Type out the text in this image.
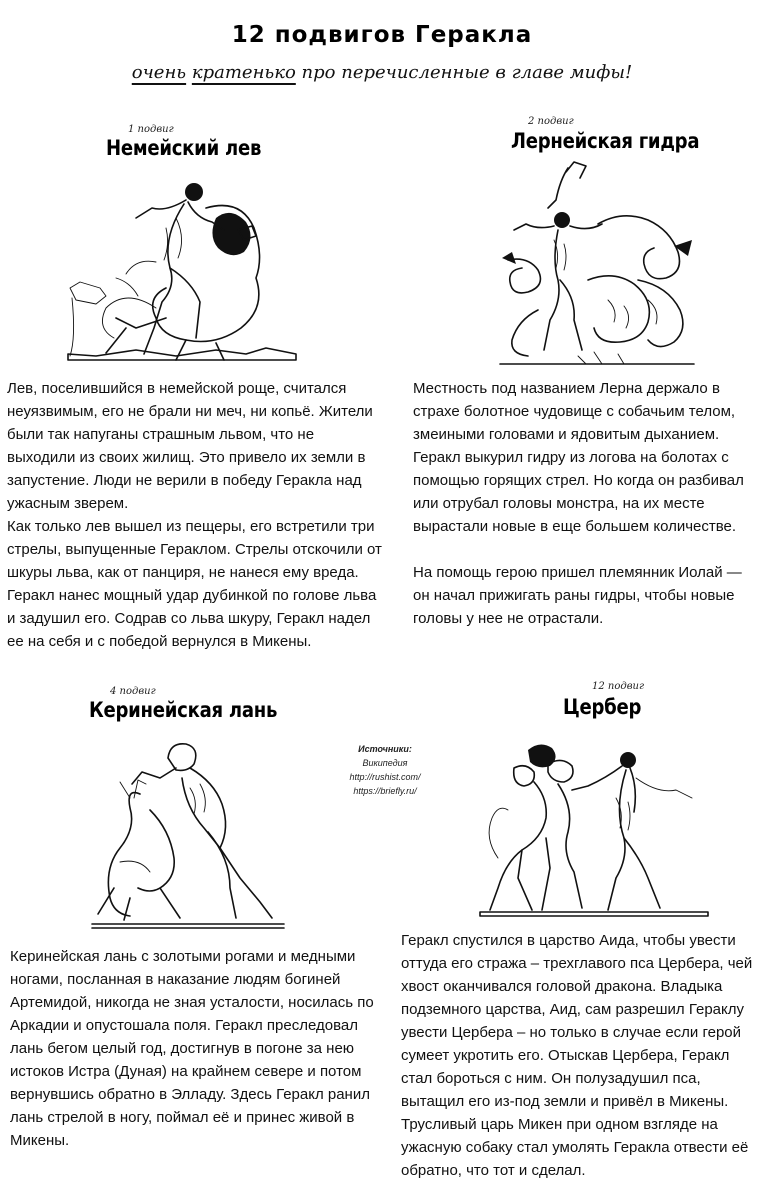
12 подвигов Геракла
очень кратенько про перечисленные в главе мифы!
1 подвиг
Немейский лев

Лев, поселившийся в немейской роще, считался неуязвимым, его не брали ни меч, ни копьё. Жители были так напуганы страшным львом, что не выходили из своих жилищ. Это привело их земли в запустение. Люди не верили в победу Геракла над ужасным зверем.

Как только лев вышел из пещеры, его встретили три стрелы, выпущенные Гераклом. Стрелы отскочили от шкуры льва, как от панциря, не нанеся ему вреда. Геракл нанес мощный удар дубинкой по голове льва и задушил его. Содрав со льва шкуру, Геракл надел ее на себя и с победой вернулся в Микены.

2 подвиг
Лернейская гидра

Местность под названием Лерна держало в страхе болотное чудовище с собачьим телом, змеиными головами и ядовитым дыханием. Геракл выкурил гидру из логова на болотах с помощью горящих стрел. Но когда он разбивал или отрубал головы монстра, на их месте вырастали новые в еще большем количестве.

На помощь герою пришел племянник Иолай — он начал прижигать раны гидры, чтобы новые головы у нее не отрастали.

4 подвиг
Керинейская лань
Источники:
Википедия
http://rushist.com/
https://briefly.ru/

Керинейская лань с золотыми рогами и медными ногами, посланная в наказание людям богиней Артемидой, никогда не зная усталости, носилась по Аркадии и опустошала поля. Геракл преследовал лань бегом целый год, достигнув в погоне за нею истоков Истра (Дуная) на крайнем севере и потом вернувшись обратно в Элладу. Здесь Геракл ранил лань стрелой в ногу, поймал её и принес живой в Микены.

12 подвиг
Цербер

Геракл спустился в царство Аида, чтобы увести оттуда его стража – трехглавого пса Цербера, чей хвост оканчивался головой дракона. Владыка подземного царства, Аид, сам разрешил Гераклу увести Цербера – но только в случае если герой сумеет укротить его. Отыскав Цербера, Геракл стал бороться с ним. Он полузадушил пса, вытащил его из-под земли и привёл в Микены. Трусливый царь Микен при одном взгляде на ужасную собаку стал умолять Геракла отвести её обратно, что тот и сделал.
